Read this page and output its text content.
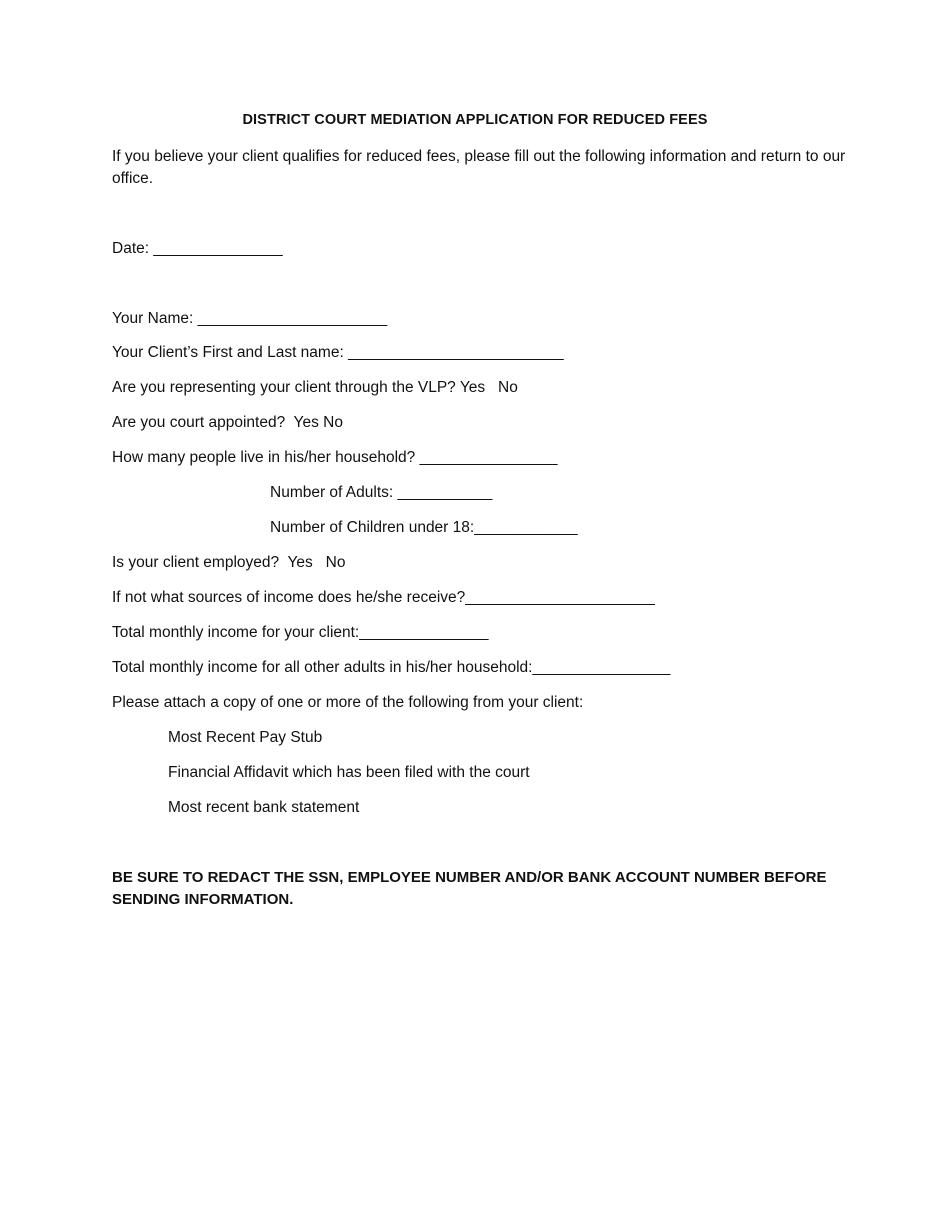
DISTRICT COURT MEDIATION APPLICATION FOR REDUCED FEES
If you believe your client qualifies for reduced fees, please fill out the following information and return to our office.
Date: _______________
Your Name: ______________________
Your Client’s First and Last name: _________________________
Are you representing your client through the VLP? Yes   No
Are you court appointed?  Yes No
How many people live in his/her household? ________________
Number of Adults: ___________
Number of Children under 18:____________
Is your client employed?  Yes   No
If not what sources of income does he/she receive?______________________
Total monthly income for your client:_______________
Total monthly income for all other adults in his/her household:________________
Please attach a copy of one or more of the following from your client:
Most Recent Pay Stub
Financial Affidavit which has been filed with the court
Most recent bank statement
BE SURE TO REDACT THE SSN, EMPLOYEE NUMBER AND/OR BANK ACCOUNT NUMBER BEFORE SENDING INFORMATION.
